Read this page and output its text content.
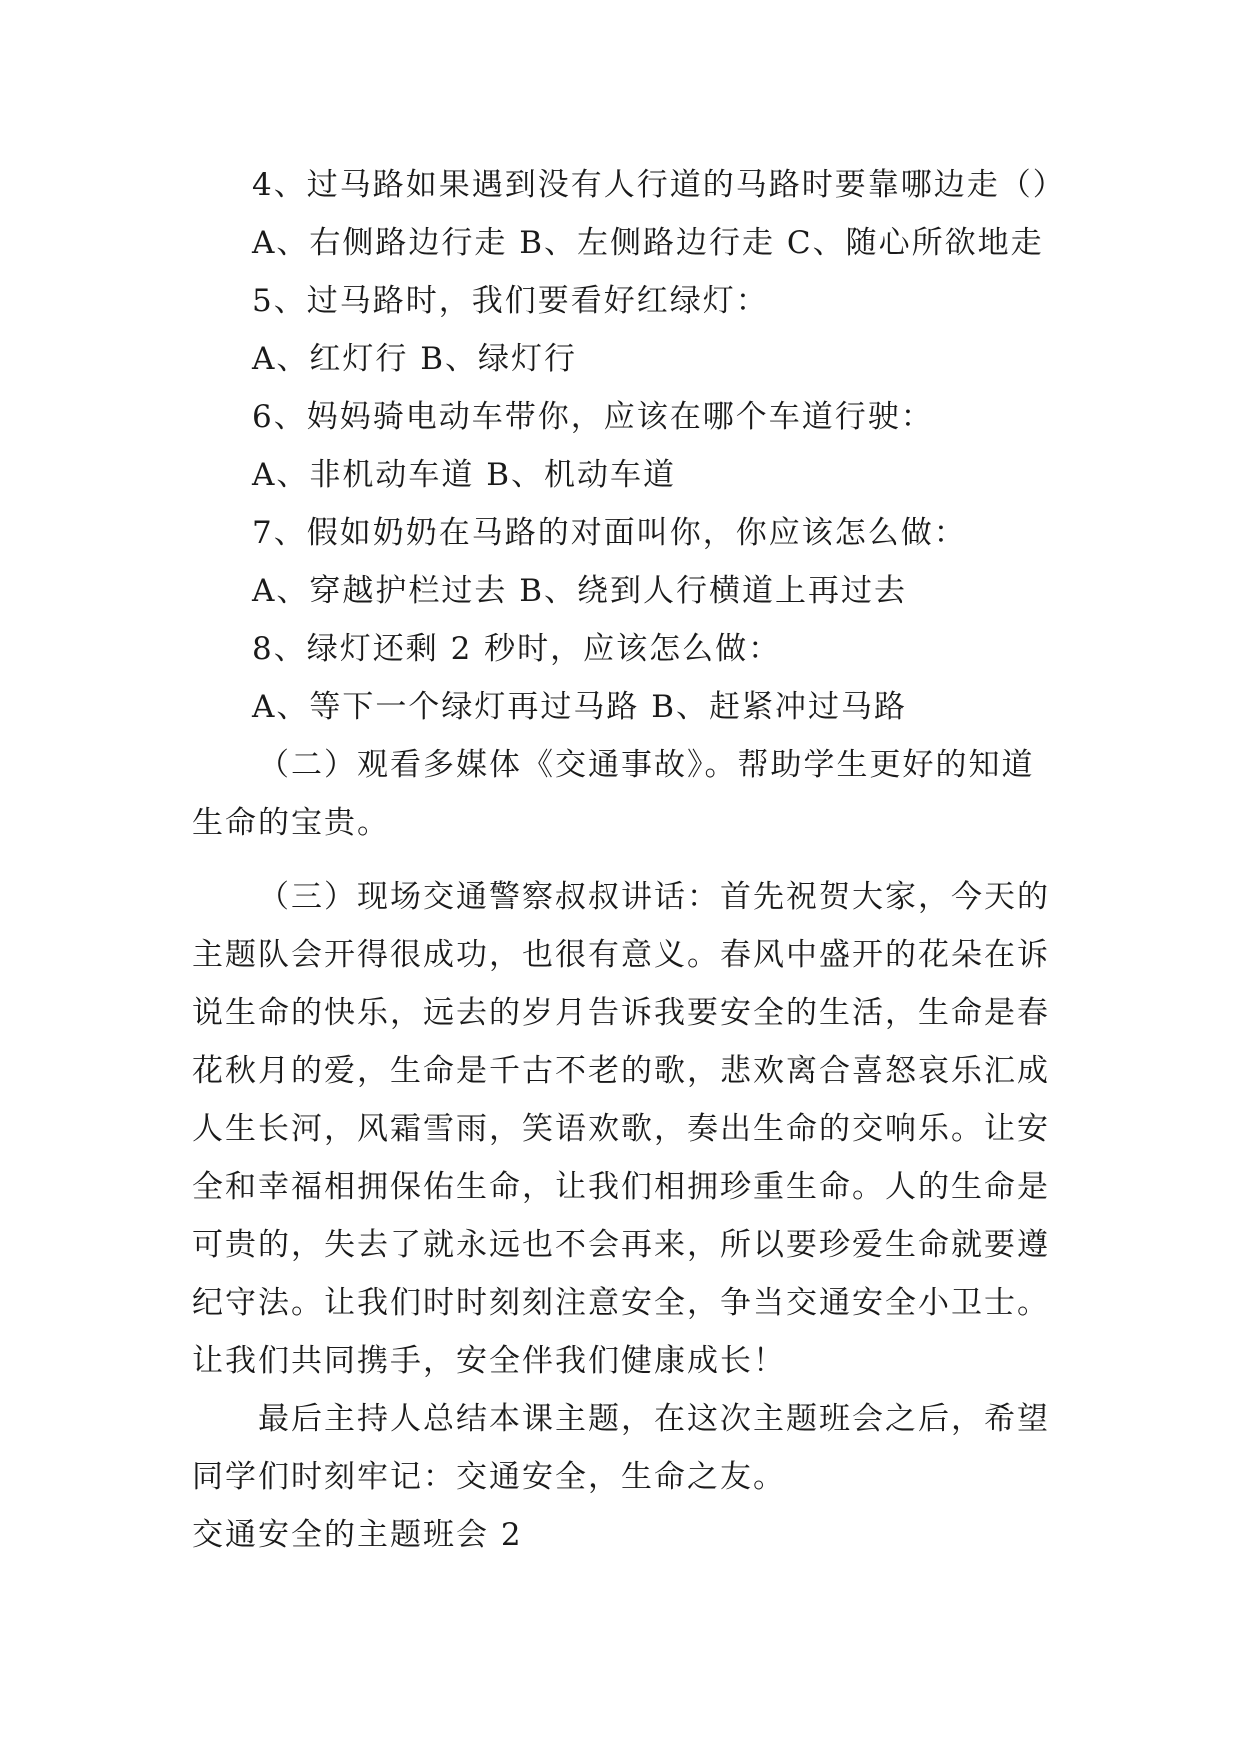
4、过马路如果遇到没有人行道的马路时要靠哪边走（）
A、右侧路边行走 B、左侧路边行走 C、随心所欲地走
5、过马路时，我们要看好红绿灯：
A、红灯行 B、绿灯行
6、妈妈骑电动车带你，应该在哪个车道行驶：
A、非机动车道 B、机动车道
7、假如奶奶在马路的对面叫你，你应该怎么做：
A、穿越护栏过去 B、绕到人行横道上再过去
8、绿灯还剩 2 秒时，应该怎么做：
A、等下一个绿灯再过马路 B、赶紧冲过马路
（二）观看多媒体《交通事故》。帮助学生更好的知道
生命的宝贵。
（三）现场交通警察叔叔讲话：首先祝贺大家，今天的
主题队会开得很成功，也很有意义。春风中盛开的花朵在诉
说生命的快乐，远去的岁月告诉我要安全的生活，生命是春
花秋月的爱，生命是千古不老的歌，悲欢离合喜怒哀乐汇成
人生长河，风霜雪雨，笑语欢歌，奏出生命的交响乐。让安
全和幸福相拥保佑生命，让我们相拥珍重生命。人的生命是
可贵的，失去了就永远也不会再来，所以要珍爱生命就要遵
纪守法。让我们时时刻刻注意安全，争当交通安全小卫士。
让我们共同携手，安全伴我们健康成长！
最后主持人总结本课主题，在这次主题班会之后，希望
同学们时刻牢记：交通安全，生命之友。
交通安全的主题班会 2
